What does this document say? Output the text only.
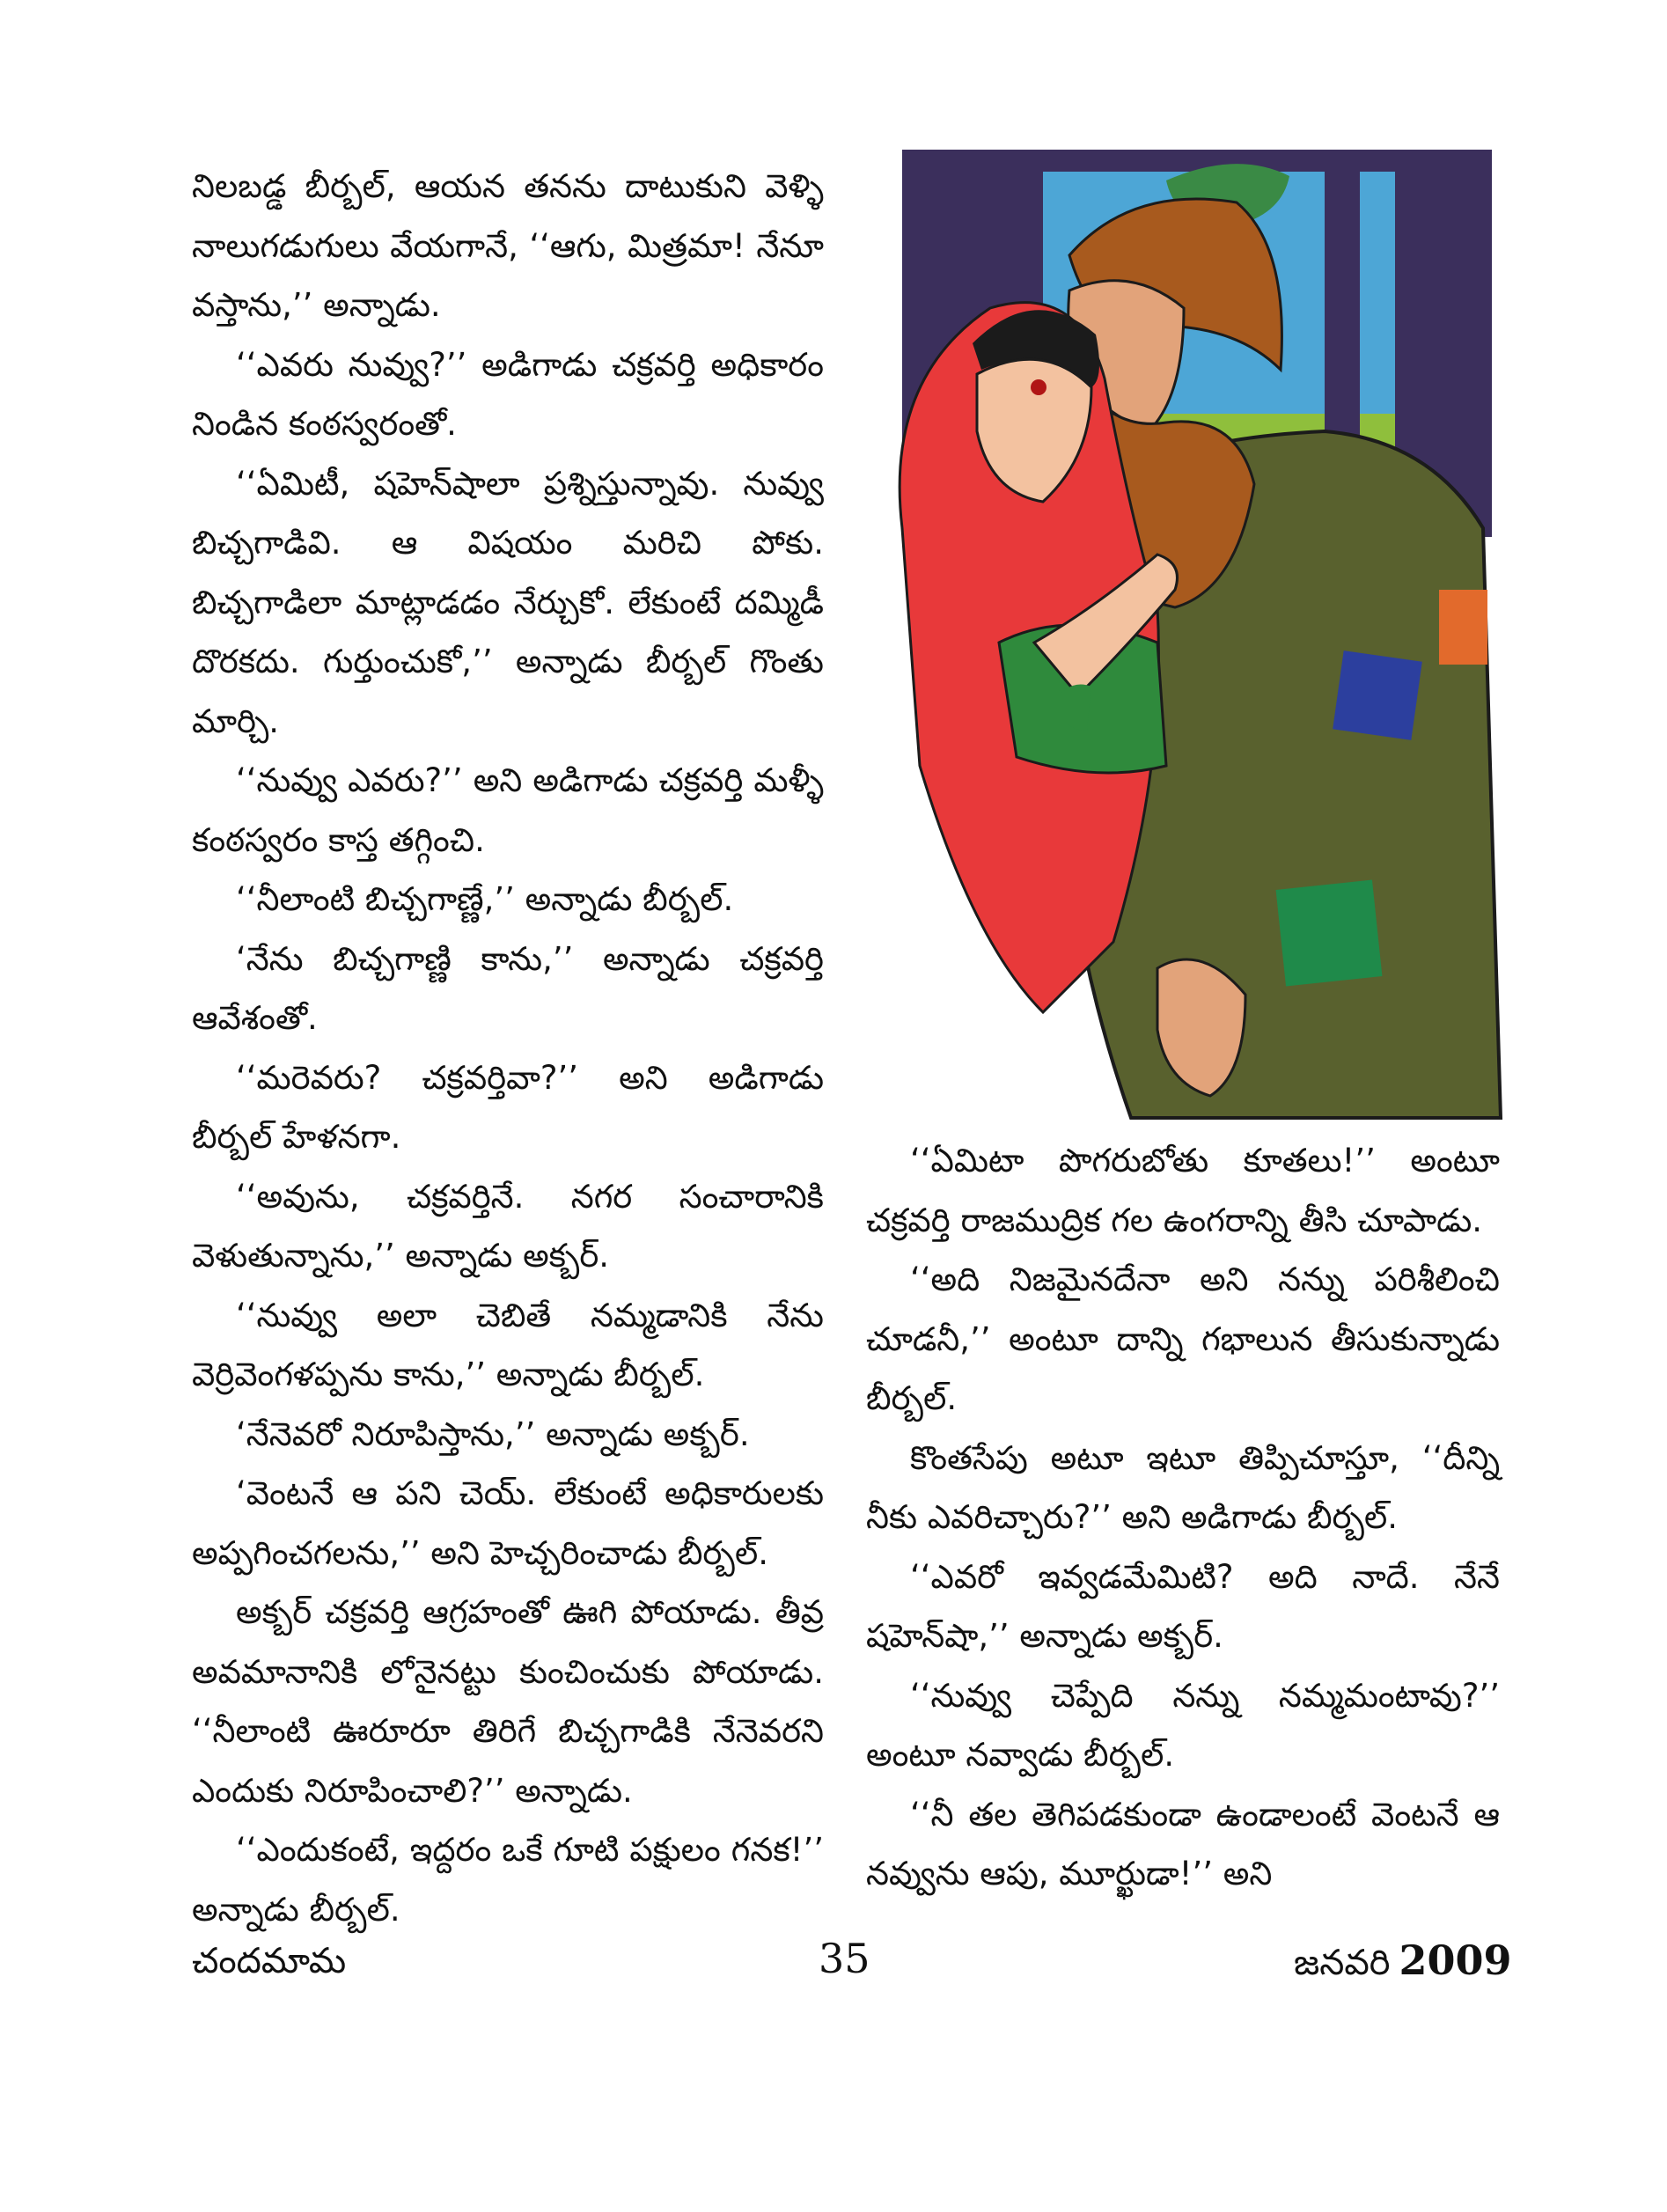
నిలబడ్డ బీర్బల్, ఆయన తనను దాటుకుని వెళ్ళి నాలుగడుగులు వేయగానే, ‘‘ఆగు, మిత్రమా! నేనూ వస్తాను,’’ అన్నాడు.

‘‘ఎవరు నువ్వు?’’ అడిగాడు చక్రవర్తి అధికారం నిండిన కంఠస్వరంతో.

‘‘ఏమిటీ, షహెన్‌షాలా ప్రశ్నిస్తున్నావు. నువ్వు బిచ్చగాడివి. ఆ విషయం మరిచి పోకు. బిచ్చగాడిలా మాట్లాడడం నేర్చుకో. లేకుంటే దమ్మిడీ దొరకదు. గుర్తుంచుకో,’’ అన్నాడు బీర్బల్ గొంతు మార్చి.

‘‘నువ్వు ఎవరు?’’ అని అడిగాడు చక్రవర్తి మళ్ళీ కంఠస్వరం కాస్త తగ్గించి.

‘‘నీలాంటి బిచ్చగాణ్ణే,’’ అన్నాడు బీర్బల్.

‘నేను బిచ్చగాణ్ణి కాను,’’ అన్నాడు చక్రవర్తి ఆవేశంతో.

‘‘మరెవరు? చక్రవర్తివా?’’ అని అడిగాడు బీర్బల్ హేళనగా.

‘‘అవును, చక్రవర్తినే. నగర సంచారానికి వెళుతున్నాను,’’ అన్నాడు అక్బర్.

‘‘నువ్వు అలా చెబితే నమ్మడానికి నేను వెర్రివెంగళప్పను కాను,’’ అన్నాడు బీర్బల్.

‘నేనెవరో నిరూపిస్తాను,’’ అన్నాడు అక్బర్.

‘వెంటనే ఆ పని చెయ్. లేకుంటే అధికారులకు అప్పగించగలను,’’ అని హెచ్చరించాడు బీర్బల్.

అక్బర్ చక్రవర్తి ఆగ్రహంతో ఊగి పోయాడు. తీవ్ర అవమానానికి లోనైనట్టు కుంచించుకు పోయాడు. ‘‘నీలాంటి ఊరూరూ తిరిగే బిచ్చగాడికి నేనెవరని ఎందుకు నిరూపించాలి?’’ అన్నాడు.

‘‘ఎందుకంటే, ఇద్దరం ఒకే గూటి పక్షులం గనక!’’ అన్నాడు బీర్బల్.

‘‘ఏమిటా పొగరుబోతు కూతలు!’’ అంటూ చక్రవర్తి రాజముద్రిక గల ఉంగరాన్ని తీసి చూపాడు.

‘‘అది నిజమైనదేనా అని నన్ను పరిశీలించి చూడనీ,’’ అంటూ దాన్ని గభాలున తీసుకున్నాడు బీర్బల్.

కొంతసేపు అటూ ఇటూ తిప్పిచూస్తూ, ‘‘దీన్ని నీకు ఎవరిచ్చారు?’’ అని అడిగాడు బీర్బల్.

‘‘ఎవరో ఇవ్వడమేమిటి? అది నాదే. నేనే షహెన్‌షా,’’ అన్నాడు అక్బర్.

‘‘నువ్వు చెప్పేది నన్ను నమ్మమంటావు?’’ అంటూ నవ్వాడు బీర్బల్.

‘‘నీ తల తెగిపడకుండా ఉండాలంటే వెంటనే ఆ నవ్వును ఆపు, మూర్ఖుడా!’’ అని

చందమామ	35	జనవరి 2009
